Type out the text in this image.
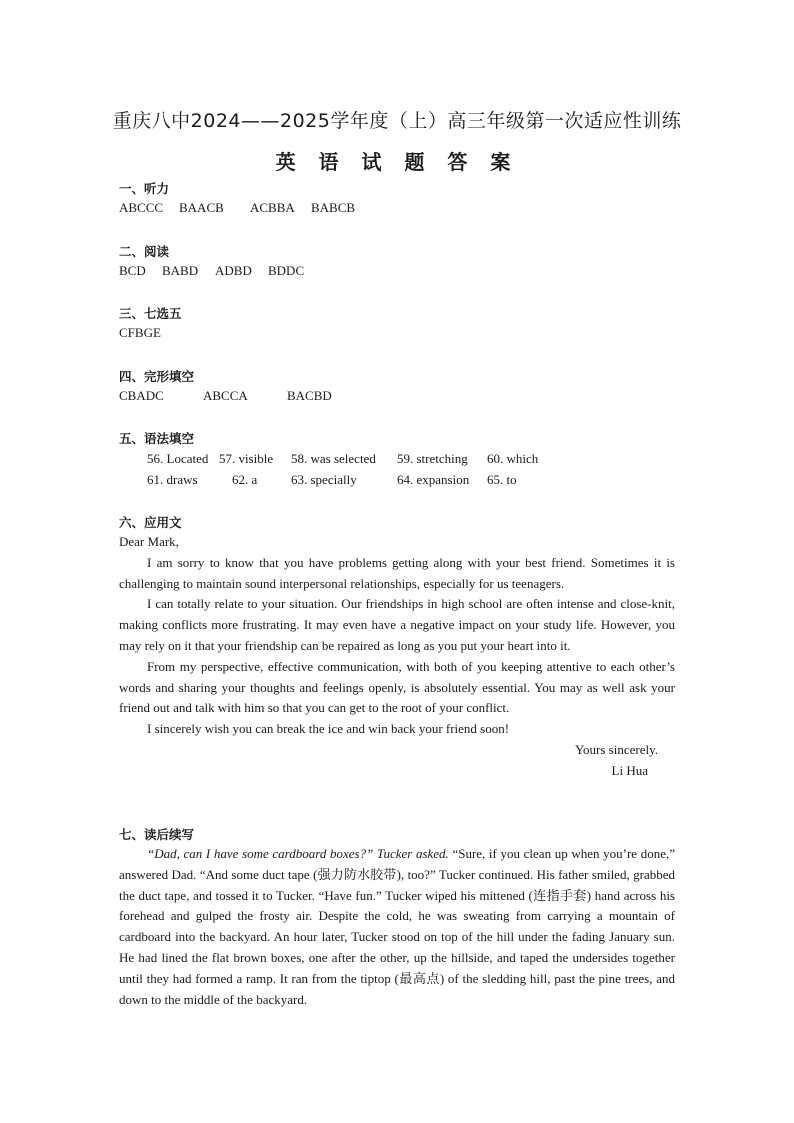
重庆八中2024——2025学年度（上）高三年级第一次适应性训练
英 语 试 题 答 案
一、听力
ABCCC BAACB ACBBA BABCB
二、阅读
BCD BABD ADBD BDDC
三、七选五
CFBGE
四、完形填空
CBADC	ABCCA	BACBD
五、语法填空
56. Located 57. visible 58. was selected 59. stretching 60. which
61. draws	62. a	63. specially	64. expansion 65. to
六、应用文

Dear Mark,

I am sorry to know that you have problems getting along with your best friend. Sometimes it is challenging to maintain sound interpersonal relationships, especially for us teenagers.

I can totally relate to your situation. Our friendships in high school are often intense and close-knit, making conflicts more frustrating. It may even have a negative impact on your study life. However, you may rely on it that your friendship can be repaired as long as you put your heart into it.

From my perspective, effective communication, with both of you keeping attentive to each other’s words and sharing your thoughts and feelings openly, is absolutely essential. You may as well ask your friend out and talk with him so that you can get to the root of your conflict.

I sincerely wish you can break the ice and win back your friend soon!

Yours sincerely.

Li Hua

七、读后续写

“Dad, can I have some cardboard boxes?” Tucker asked. “Sure, if you clean up when you’re done,” answered Dad. “And some duct tape (强力防水胶带), too?” Tucker continued. His father smiled, grabbed the duct tape, and tossed it to Tucker. “Have fun.” Tucker wiped his mittened (连指手套) hand across his forehead and gulped the frosty air. Despite the cold, he was sweating from carrying a mountain of cardboard into the backyard. An hour later, Tucker stood on top of the hill under the fading January sun. He had lined the flat brown boxes, one after the other, up the hillside, and taped the undersides together until they had formed a ramp. It ran from the tiptop (最高点) of the sledding hill, past the pine trees, and down to the middle of the backyard.
